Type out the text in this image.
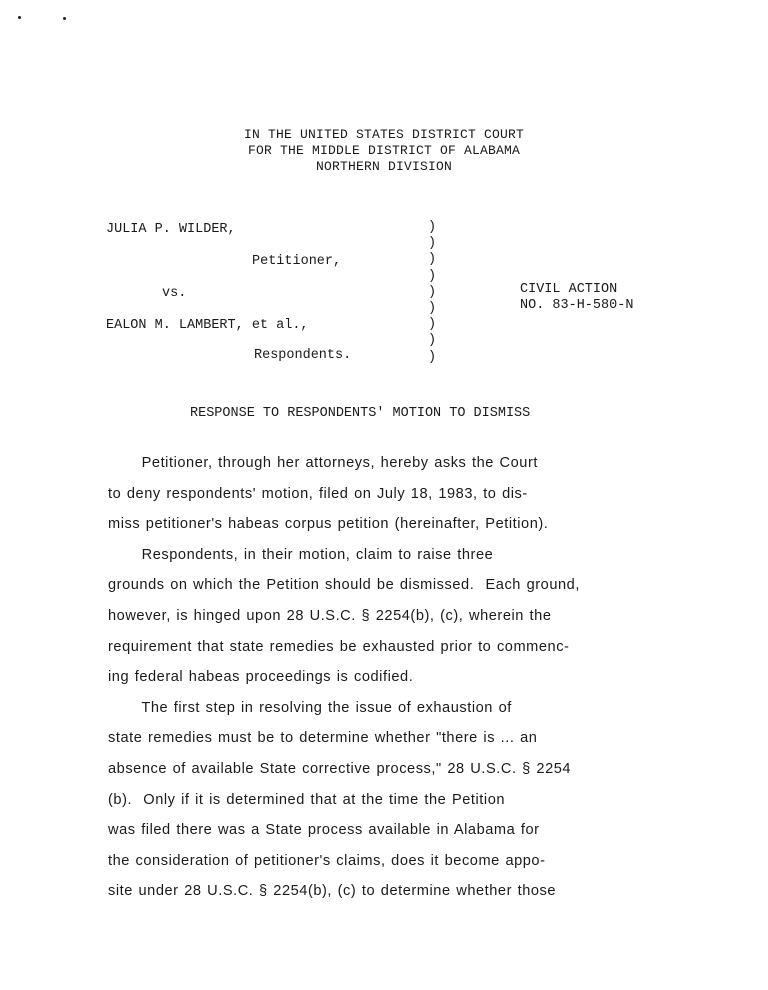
IN THE UNITED STATES DISTRICT COURT
FOR THE MIDDLE DISTRICT OF ALABAMA
NORTHERN DIVISION
JULIA P. WILDER,
Petitioner,
vs.
EALON M. LAMBERT, et al.,
Respondents.
)
)
)
)
)
)
)
)
)
CIVIL ACTION
NO. 83-H-580-N
RESPONSE TO RESPONDENTS' MOTION TO DISMISS
Petitioner, through her attorneys, hereby asks the Court
to deny respondents' motion, filed on July 18, 1983, to dis-
miss petitioner's habeas corpus petition (hereinafter, Petition).
Respondents, in their motion, claim to raise three
grounds on which the Petition should be dismissed.  Each ground,
however, is hinged upon 28 U.S.C. § 2254(b), (c), wherein the
requirement that state remedies be exhausted prior to commenc-
ing federal habeas proceedings is codified.
The first step in resolving the issue of exhaustion of
state remedies must be to determine whether "there is ... an
absence of available State corrective process," 28 U.S.C. § 2254
(b).  Only if it is determined that at the time the Petition
was filed there was a State process available in Alabama for
the consideration of petitioner's claims, does it become appo-
site under 28 U.S.C. § 2254(b), (c) to determine whether those
